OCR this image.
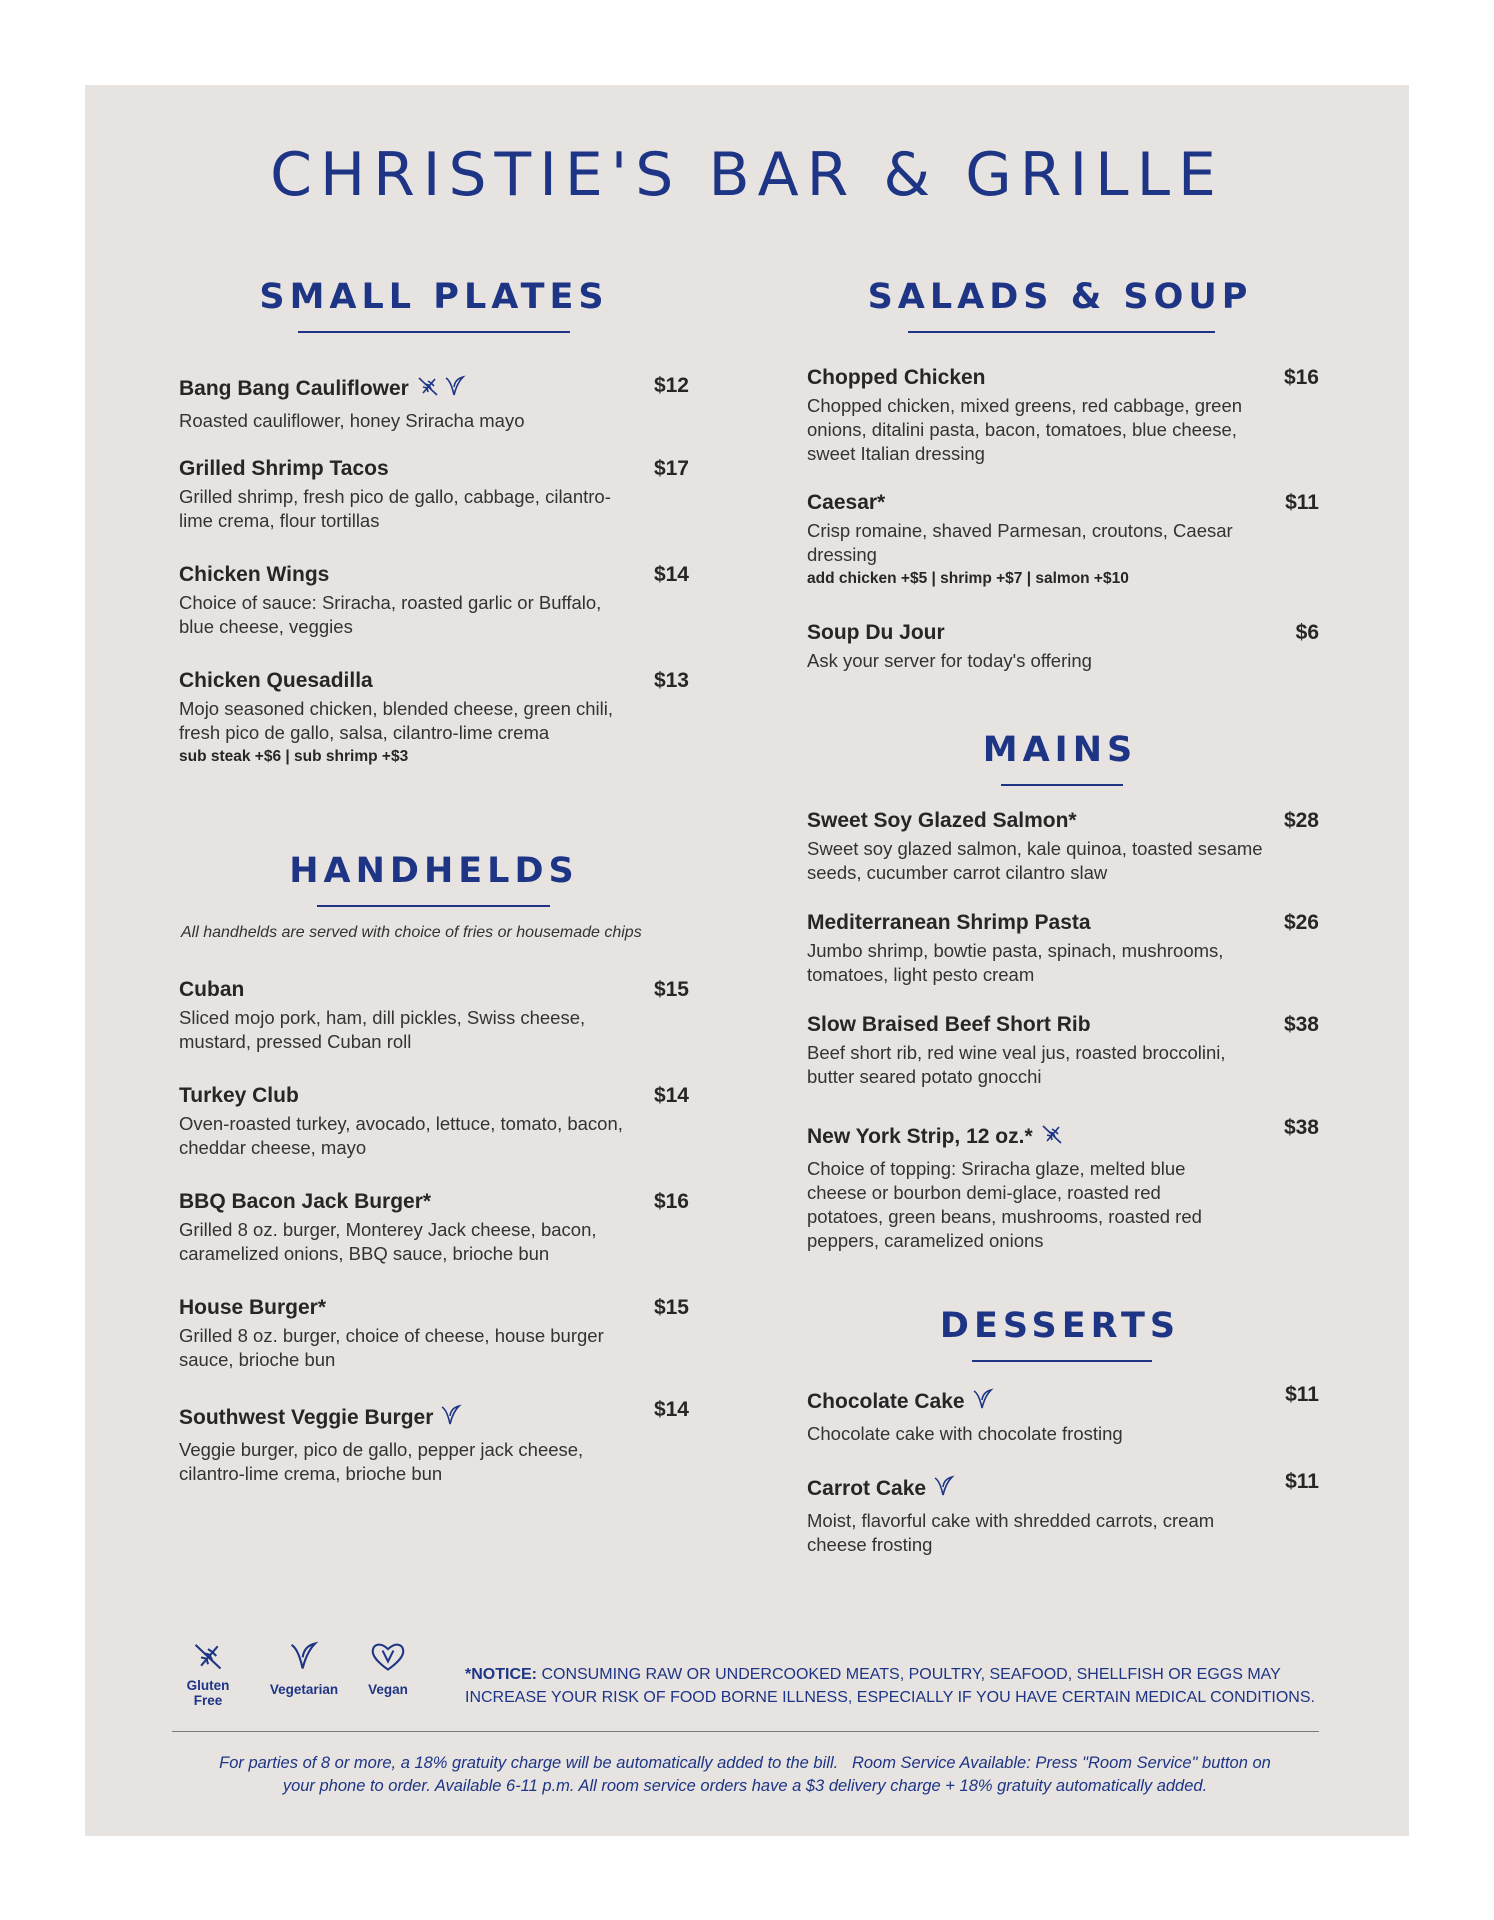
CHRISTIE'S BAR & GRILLE
SMALL PLATES
Bang Bang Cauliflower	$12
Roasted cauliflower, honey Sriracha mayo
Grilled Shrimp Tacos	$17
Grilled shrimp, fresh pico de gallo, cabbage, cilantro-lime crema, flour tortillas
Chicken Wings	$14
Choice of sauce: Sriracha, roasted garlic or Buffalo, blue cheese, veggies
Chicken Quesadilla	$13
Mojo seasoned chicken, blended cheese, green chili, fresh pico de gallo, salsa, cilantro-lime crema
sub steak +$6 | sub shrimp +$3
HANDHELDS
All handhelds are served with choice of fries or housemade chips
Cuban	$15
Sliced mojo pork, ham, dill pickles, Swiss cheese, mustard, pressed Cuban roll
Turkey Club	$14
Oven-roasted turkey, avocado, lettuce, tomato, bacon, cheddar cheese, mayo
BBQ Bacon Jack Burger*	$16
Grilled 8 oz. burger, Monterey Jack cheese, bacon, caramelized onions, BBQ sauce, brioche bun
House Burger*	$15
Grilled 8 oz. burger, choice of cheese, house burger sauce, brioche bun
Southwest Veggie Burger	$14
Veggie burger, pico de gallo, pepper jack cheese, cilantro-lime crema, brioche bun
SALADS & SOUP
Chopped Chicken	$16
Chopped chicken, mixed greens, red cabbage, green onions, ditalini pasta, bacon, tomatoes, blue cheese, sweet Italian dressing
Caesar*	$11
Crisp romaine, shaved Parmesan, croutons, Caesar dressing
add chicken +$5 | shrimp +$7 | salmon +$10
Soup Du Jour	$6
Ask your server for today's offering
MAINS
Sweet Soy Glazed Salmon*	$28
Sweet soy glazed salmon, kale quinoa, toasted sesame seeds, cucumber carrot cilantro slaw
Mediterranean Shrimp Pasta	$26
Jumbo shrimp, bowtie pasta, spinach, mushrooms, tomatoes, light pesto cream
Slow Braised Beef Short Rib	$38
Beef short rib, red wine veal jus, roasted broccolini, butter seared potato gnocchi
New York Strip, 12 oz.*	$38
Choice of topping: Sriracha glaze, melted blue cheese or bourbon demi-glace, roasted red potatoes, green beans, mushrooms, roasted red peppers, caramelized onions
DESSERTS
Chocolate Cake	$11
Chocolate cake with chocolate frosting
Carrot Cake	$11
Moist, flavorful cake with shredded carrots, cream cheese frosting
Gluten
Free
Vegetarian	Vegan
*NOTICE: CONSUMING RAW OR UNDERCOOKED MEATS, POULTRY, SEAFOOD, SHELLFISH OR EGGS MAY INCREASE YOUR RISK OF FOOD BORNE ILLNESS, ESPECIALLY IF YOU HAVE CERTAIN MEDICAL CONDITIONS.
For parties of 8 or more, a 18% gratuity charge will be automatically added to the bill.   Room Service Available: Press "Room Service" button on
your phone to order. Available 6-11 p.m. All room service orders have a $3 delivery charge + 18% gratuity automatically added.
